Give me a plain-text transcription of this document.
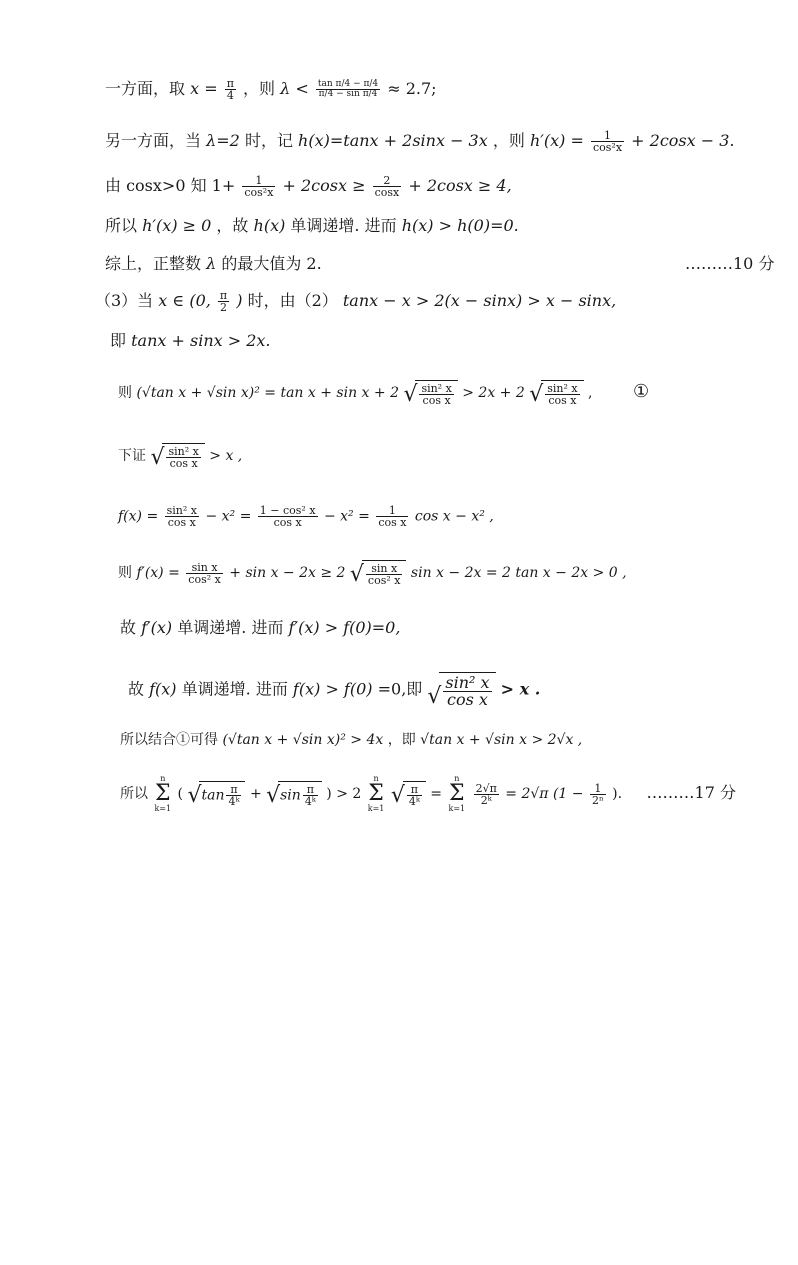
一方面，取 $x = \frac{\pi}{4}$ ，则 $\lambda < \frac{\text{tan π/4 − π/4}}{\text{π/4 − sin π/4}} \approx 2.7$;
另一方面，当 λ=2 时，记 h(x)=tanx + 2sinx − 3x ，则 $h'(x) = \frac{1}{\text{cos²x}} + 2\cos x - 3$.
由 cosx>0 知 $1+ \frac{1}{\text{cos²x}} + 2\cos x \ge \frac{2}{\cos x} + 2\cos x \ge 4$,
所以 h′(x) ≥ 0 ，故 h(x) 单调递增. 进而 h(x) > h(0)=0.
综上，正整数 λ 的最大值为 2.	………10 分
（3）当 x ∈ (0, $\frac{\pi}{2}$ ) 时，由（2） tanx − x > 2(x − sinx) > x − sinx,
即 tanx + sinx > 2x.
则 (√tan x + √sin x)² = tan x + sin x + 2 √ $\frac{\text{sin² x}}{\text{cos x}} > 2x + 2$ √ $\frac{\text{sin² x}}{\text{cos x}}$ , ①
下证 √ $\frac{\text{sin² x}}{\text{cos x}} > x$ ,
$f(x) = \frac{\text{sin² x}}{\text{cos x}} - x^2 = \frac{\text{1 − cos² x}}{\text{cos x}} - x^2 = \frac{1}{\text{cos x}}$ cos x − x² ,
则 $f'(x) = \frac{\text{sin x}}{\text{cos² x}} + \sin x - 2x \ge 2$ √ $\frac{\text{sin x}}{\text{cos² x}}$ sin x − 2x = 2 tan x − 2x > 0 ,
故 f′(x) 单调递增. 进而 f′(x) > f(0)=0,
故 f(x) 单调递增. 进而 f(x) > f(0) =0,即 √ $\frac{\text{sin² x}}{\text{cos x}} > x$ .
所以结合①可得 (√tan x + √sin x)² > 4x ，即 √tan x + √sin x > 2√x ,
所以
n
Σ
k=1
( √ $\tan \frac{\pi}{\text{4ᵏ}}$ + √ $\sin \frac{\pi}{\text{4ᵏ}}$ ) > 2
n
Σ
k=1

√ $\frac{\pi}{\text{4ᵏ}}$ =
n
Σ
k=1

$\frac{2√\pi}{\text{2ᵏ}} = 2√\pi$ ($1 - \frac{1}{\text{2ⁿ}}$ ). ………17 分
